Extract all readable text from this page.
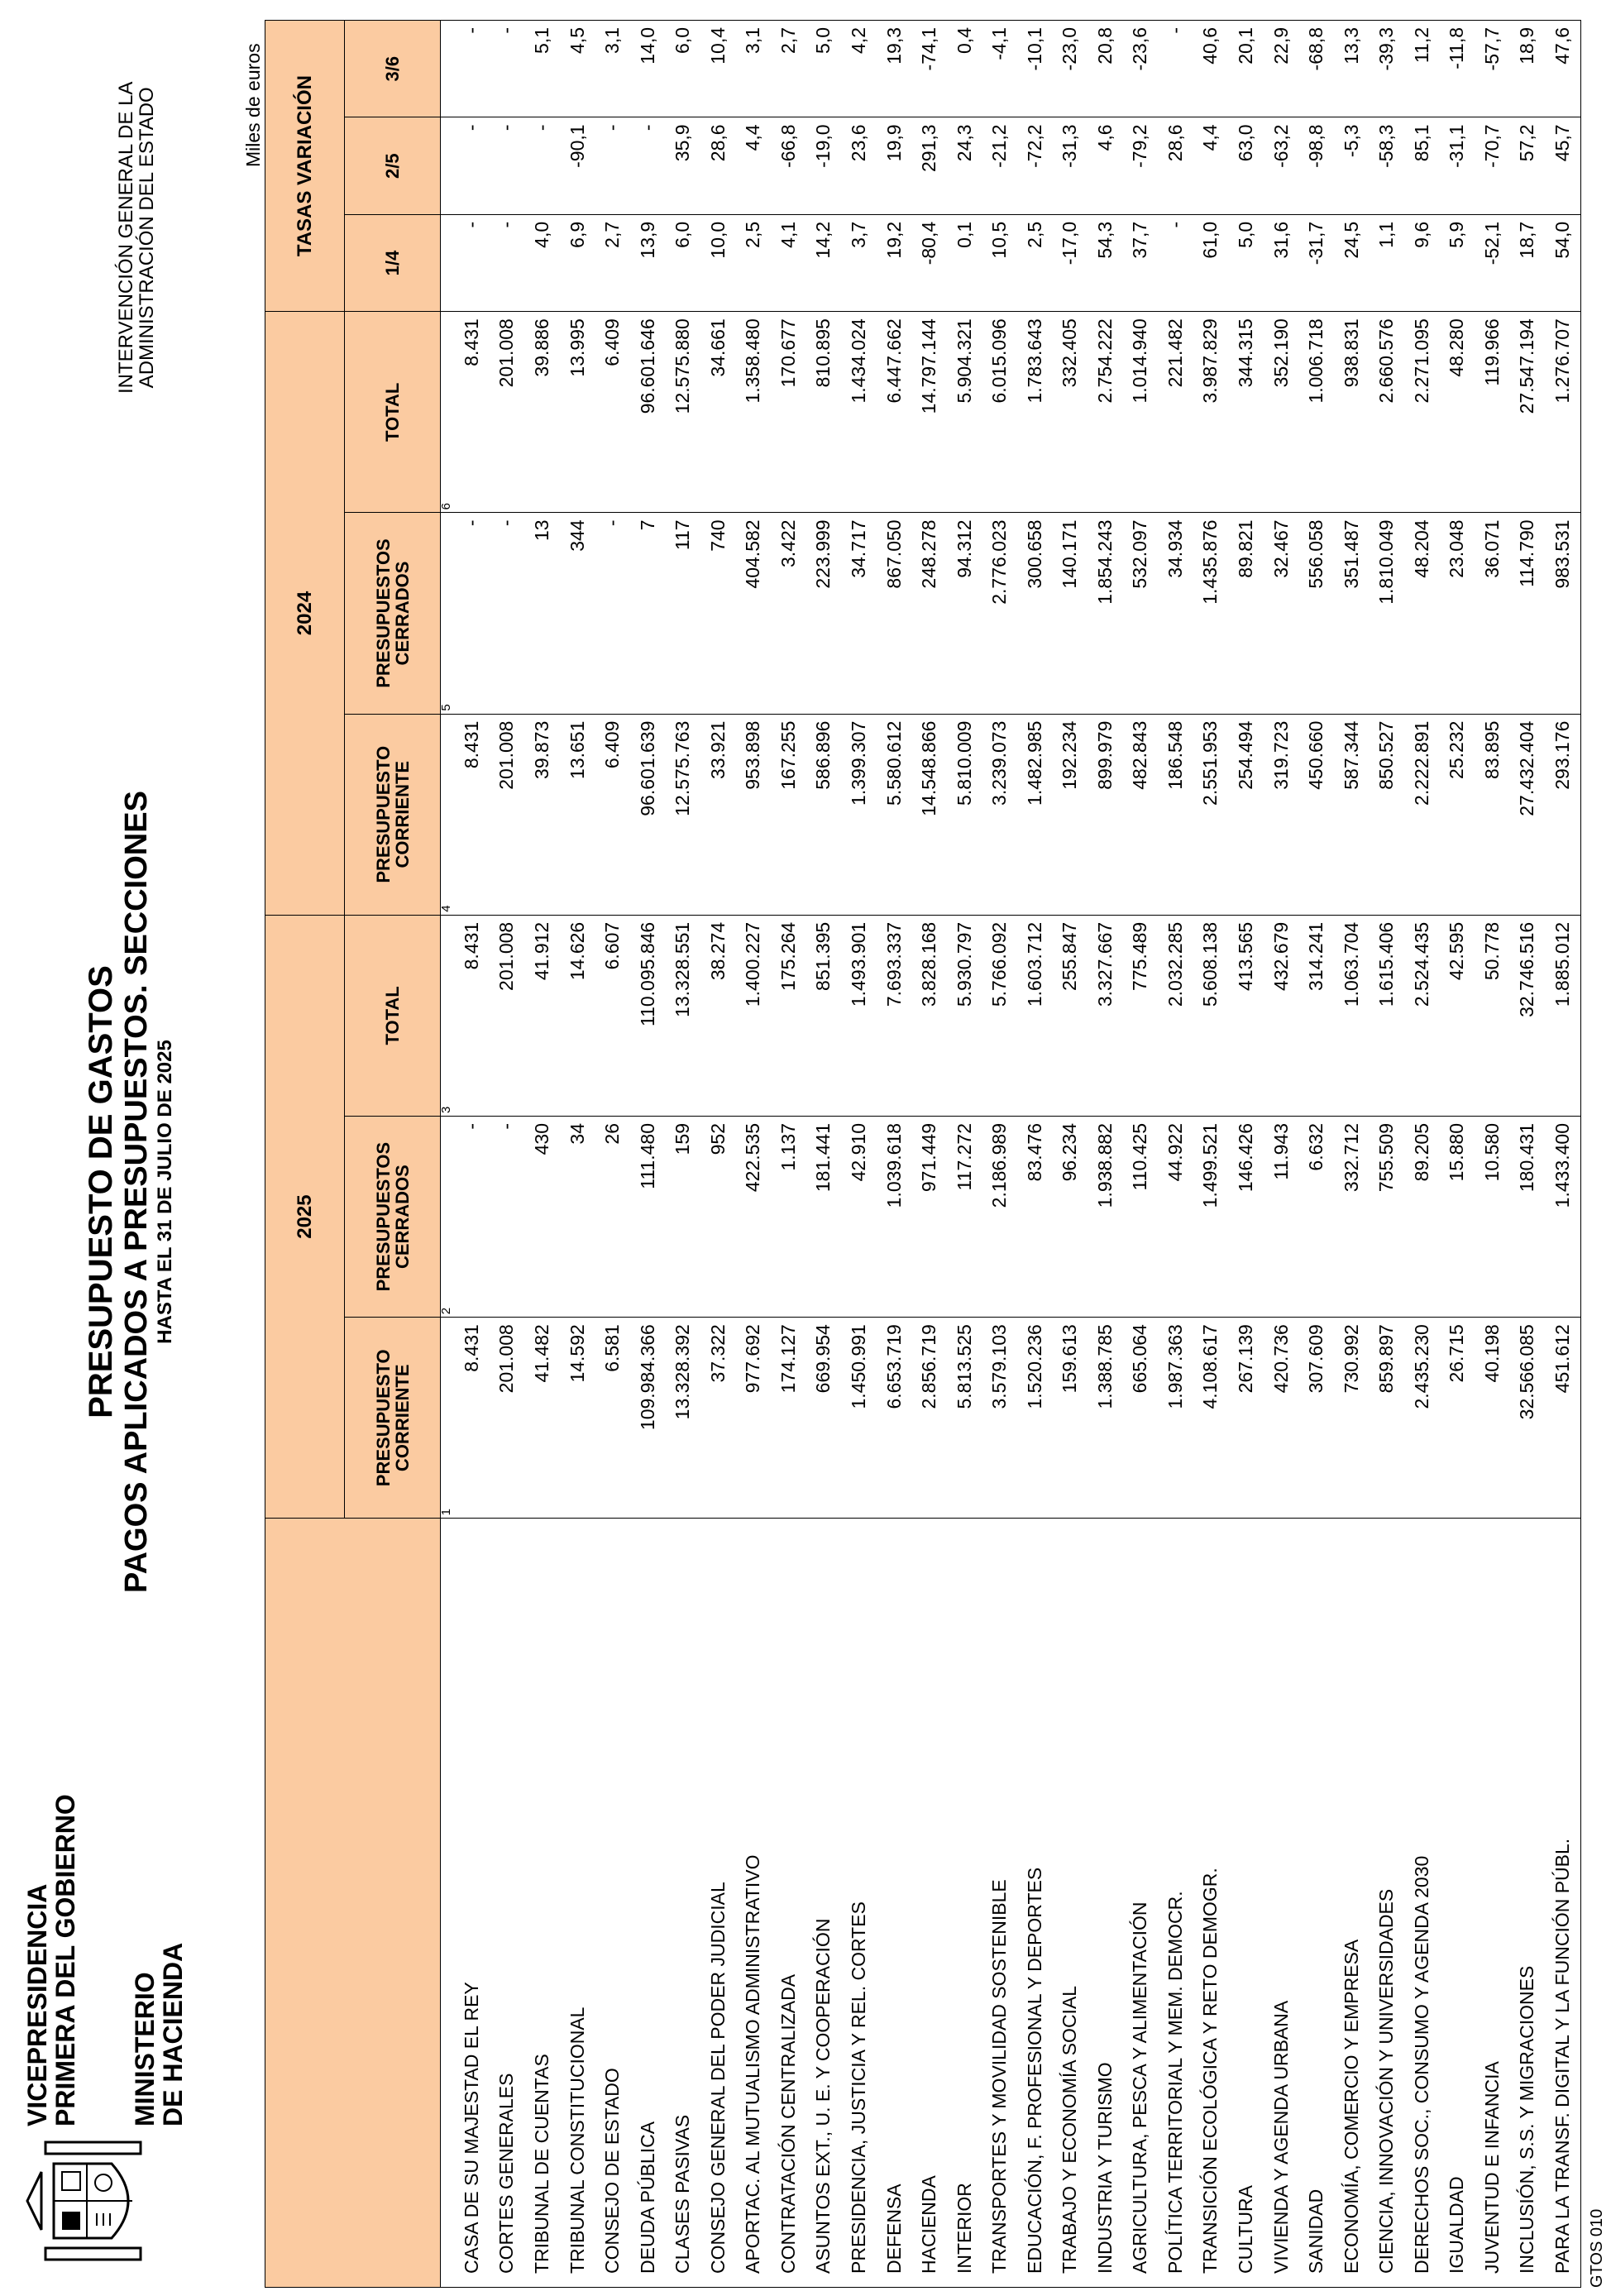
VICEPRESIDENCIA
PRIMERA DEL GOBIERNO MINISTERIO
DE HACIENDA
PRESUPUESTO DE GASTOS PAGOS APLICADOS A PRESUPUESTOS. SECCIONES HASTA EL 31 DE JULIO DE 2025
INTERVENCIÓN GENERAL DE LA
ADMINISTRACIÓN DEL ESTADO	Miles de euros
	2025			2024			TASAS VARIACIÓN		
	PRESUPUESTO CORRIENTE	PRESUPUESTOS CERRADOS	TOTAL	PRESUPUESTO CORRIENTE	PRESUPUESTOS CERRADOS	TOTAL	1/4	2/5	3/6
	1	2	3	4	5	6			
CASA DE SU MAJESTAD EL REY	8.431	-	8.431	8.431	-	8.431	-	-	-
CORTES GENERALES	201.008	-	201.008	201.008	-	201.008	-	-	-
TRIBUNAL DE CUENTAS	41.482	430	41.912	39.873	13	39.886	4,0	-	5,1
TRIBUNAL CONSTITUCIONAL	14.592	34	14.626	13.651	344	13.995	6,9	-90,1	4,5
CONSEJO DE ESTADO	6.581	26	6.607	6.409	-	6.409	2,7	-	3,1
DEUDA PÚBLICA	109.984.366	111.480	110.095.846	96.601.639	7	96.601.646	13,9	-	14,0
CLASES PASIVAS	13.328.392	159	13.328.551	12.575.763	117	12.575.880	6,0	35,9	6,0
CONSEJO GENERAL DEL PODER JUDICIAL	37.322	952	38.274	33.921	740	34.661	10,0	28,6	10,4
APORTAC. AL MUTUALISMO ADMINISTRATIVO	977.692	422.535	1.400.227	953.898	404.582	1.358.480	2,5	4,4	3,1
CONTRATACIÓN CENTRALIZADA	174.127	1.137	175.264	167.255	3.422	170.677	4,1	-66,8	2,7
ASUNTOS EXT., U. E. Y COOPERACIÓN	669.954	181.441	851.395	586.896	223.999	810.895	14,2	-19,0	5,0
PRESIDENCIA, JUSTICIA Y REL. CORTES	1.450.991	42.910	1.493.901	1.399.307	34.717	1.434.024	3,7	23,6	4,2
DEFENSA	6.653.719	1.039.618	7.693.337	5.580.612	867.050	6.447.662	19,2	19,9	19,3
HACIENDA	2.856.719	971.449	3.828.168	14.548.866	248.278	14.797.144	-80,4	291,3	-74,1
INTERIOR	5.813.525	117.272	5.930.797	5.810.009	94.312	5.904.321	0,1	24,3	0,4
TRANSPORTES Y MOVILIDAD SOSTENIBLE	3.579.103	2.186.989	5.766.092	3.239.073	2.776.023	6.015.096	10,5	-21,2	-4,1
EDUCACIÓN, F. PROFESIONAL Y DEPORTES	1.520.236	83.476	1.603.712	1.482.985	300.658	1.783.643	2,5	-72,2	-10,1
TRABAJO Y ECONOMÍA SOCIAL	159.613	96.234	255.847	192.234	140.171	332.405	-17,0	-31,3	-23,0
INDUSTRIA Y TURISMO	1.388.785	1.938.882	3.327.667	899.979	1.854.243	2.754.222	54,3	4,6	20,8
AGRICULTURA, PESCA Y ALIMENTACIÓN	665.064	110.425	775.489	482.843	532.097	1.014.940	37,7	-79,2	-23,6
POLÍTICA TERRITORIAL Y MEM. DEMOCR.	1.987.363	44.922	2.032.285	186.548	34.934	221.482	-	28,6	-
TRANSICIÓN ECOLÓGICA Y RETO DEMOGR.	4.108.617	1.499.521	5.608.138	2.551.953	1.435.876	3.987.829	61,0	4,4	40,6
CULTURA	267.139	146.426	413.565	254.494	89.821	344.315	5,0	63,0	20,1
VIVIENDA Y AGENDA URBANA	420.736	11.943	432.679	319.723	32.467	352.190	31,6	-63,2	22,9
SANIDAD	307.609	6.632	314.241	450.660	556.058	1.006.718	-31,7	-98,8	-68,8
ECONOMÍA, COMERCIO Y EMPRESA	730.992	332.712	1.063.704	587.344	351.487	938.831	24,5	-5,3	13,3
CIENCIA, INNOVACIÓN Y UNIVERSIDADES	859.897	755.509	1.615.406	850.527	1.810.049	2.660.576	1,1	-58,3	-39,3
DERECHOS SOC., CONSUMO Y AGENDA 2030	2.435.230	89.205	2.524.435	2.222.891	48.204	2.271.095	9,6	85,1	11,2
IGUALDAD	26.715	15.880	42.595	25.232	23.048	48.280	5,9	-31,1	-11,8
JUVENTUD E INFANCIA	40.198	10.580	50.778	83.895	36.071	119.966	-52,1	-70,7	-57,7
INCLUSIÓN, S.S. Y MIGRACIONES	32.566.085	180.431	32.746.516	27.432.404	114.790	27.547.194	18,7	57,2	18,9
PARA LA TRANSF. DIGITAL Y LA FUNCIÓN PÚBL.	451.612	1.433.400	1.885.012	293.176	983.531	1.276.707	54,0	45,7	47,6
GTOS 010
